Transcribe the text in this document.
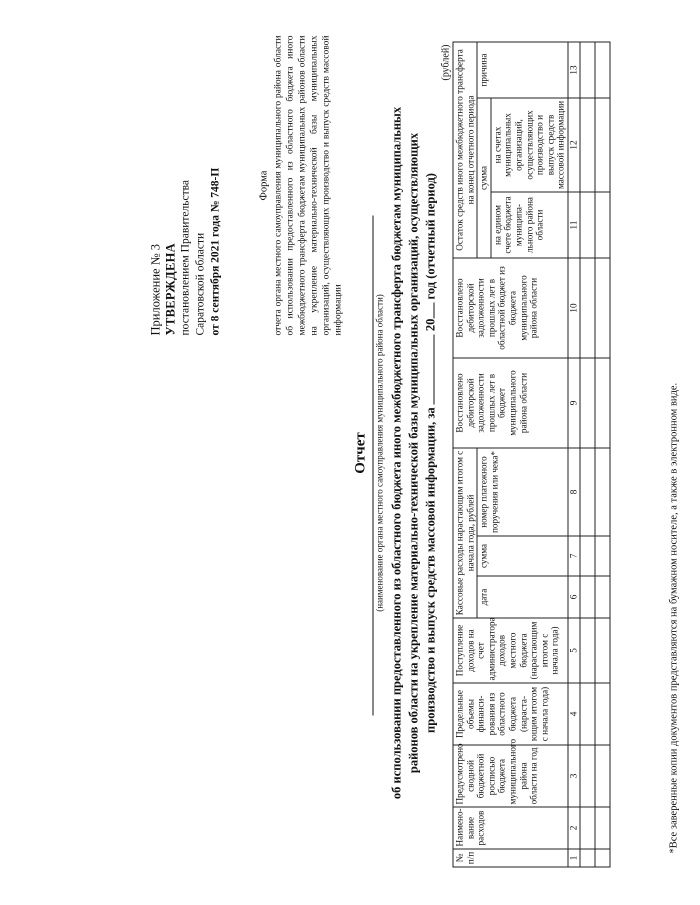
Приложение № 3 УТВЕРЖДЕНА постановлением Правительства Саратовской области от 8 сентября 2021 года № 748-П	Форма отчета органа местного самоуправления муниципального района области об использовании предоставленного из областного бюджета иного межбюджетного трансферта бюджетам муниципальных районов области на укрепление материально-технической базы муниципальных организаций, осуществляющих производство и выпуск средств массовой информации
Отчет (наименование органа местного самоуправления муниципального района области) об использовании предоставленного из областного бюджета иного межбюджетного трансферта бюджетам муниципальных районов области на укрепление материально-технической базы муниципальных организаций, осуществляющих производство и выпуск средств массовой информации, за  20 год (отчетный период)
(рублей)
№ п/п	Наимено-вание расходов	Предусмотрено сводной бюджетной росписью бюджета муниципального района области на год	Предельные объемы финанси-рования из областного бюджета (нараста-ющим итогом с начала года)	Поступление доходов на счет администратора доходов местного бюджета (нарастающим итогом с начала года)	Кассовые расходы нарастающим итогом с начала года, рублей			Восстановлено дебиторской задолженности прошлых лет в бюджет муниципального района области	Восстановлено дебиторской задолженности прошлых лет в областной бюджет из бюджета муниципального района области	Остаток средств иного межбюджетного трансферта на конец отчетного периода		
					дата	сумма	номер платежного поручения или чека*			сумма		причина
										на едином счете бюджета муниципа-льного района области	на счетах муниципальных организаций, осуществляющих производство и выпуск средств массовой информации	
1	2	3	4	5	6	7	8	9	10	11	12	13

*Все заверенные копии документов представляются на бумажном носителе, а также в электронном виде.
